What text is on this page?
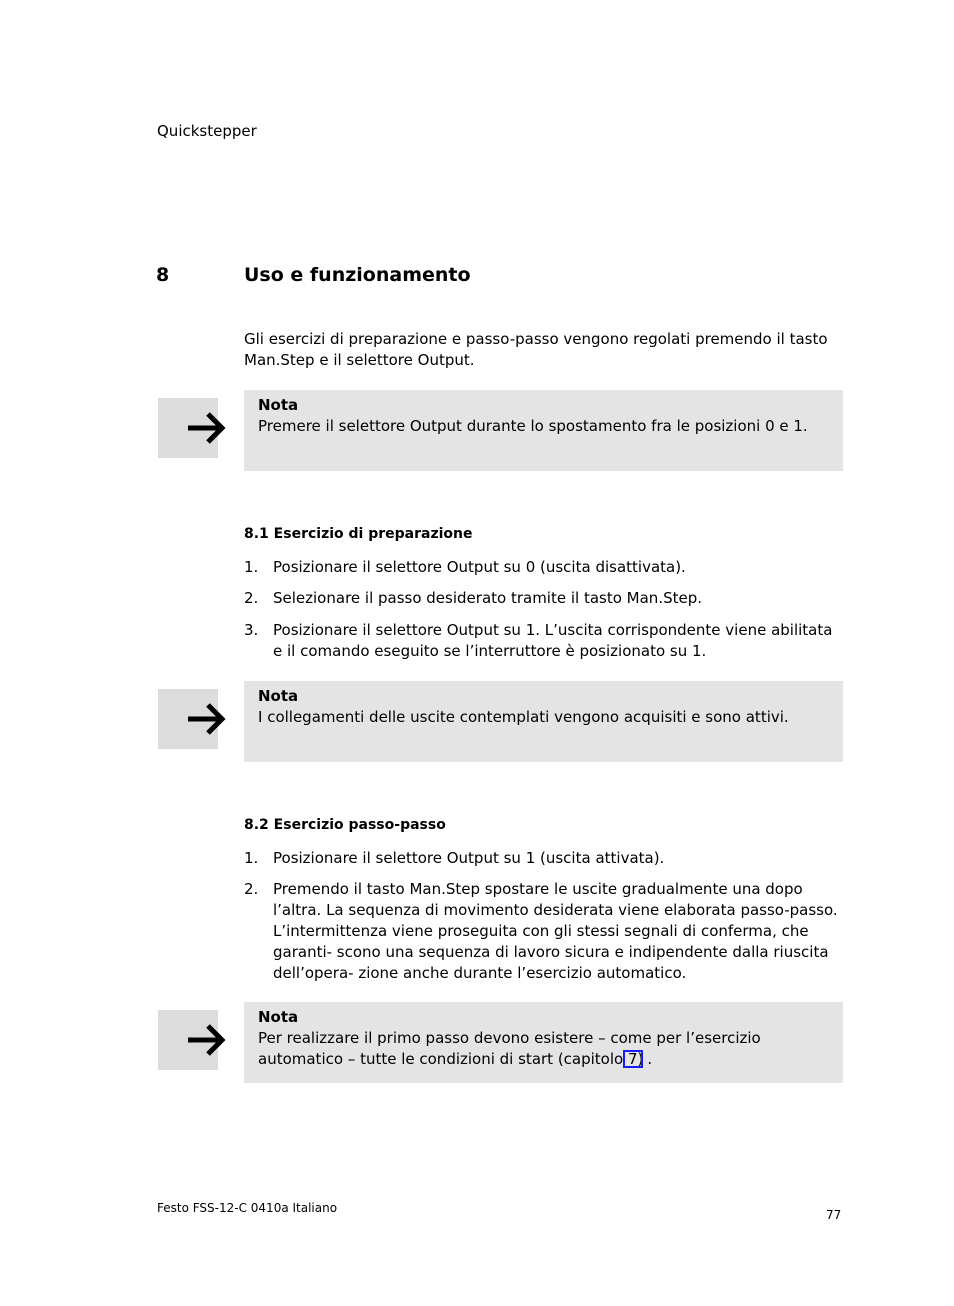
Quickstepper
8	Uso e funzionamento
Gli esercizi di preparazione e passo-passo vengono regolati premendo il tasto Man.Step e il selettore Output.
Nota
Premere il selettore Output durante lo spostamento fra le posizioni 0 e 1.
8.1 Esercizio di preparazione
1. Posizionare il selettore Output su 0 (uscita disattivata).
2. Selezionare il passo desiderato tramite il tasto Man.Step.
3. Posizionare il selettore Output su 1. L’uscita corrispondente viene abilitata e il comando eseguito se l’interruttore è posizionato su 1.
Nota
I collegamenti delle uscite contemplati vengono acquisiti e sono attivi.
8.2 Esercizio passo-passo
1. Posizionare il selettore Output su 1 (uscita attivata).
2. Premendo il tasto Man.Step spostare le uscite gradualmente una dopo l’altra. La sequenza di movimento desiderata viene elaborata passo-passo. L’intermittenza viene proseguita con gli stessi segnali di conferma, che garanti- scono una sequenza di lavoro sicura e indipendente dalla riuscita dell’opera- zione anche durante l’esercizio automatico.
Nota
Per realizzare il primo passo devono esistere – come per l’esercizio automatico – tutte le condizioni di start (capitolo 7) .
Festo FSS-12-C 0410a Italiano	77
